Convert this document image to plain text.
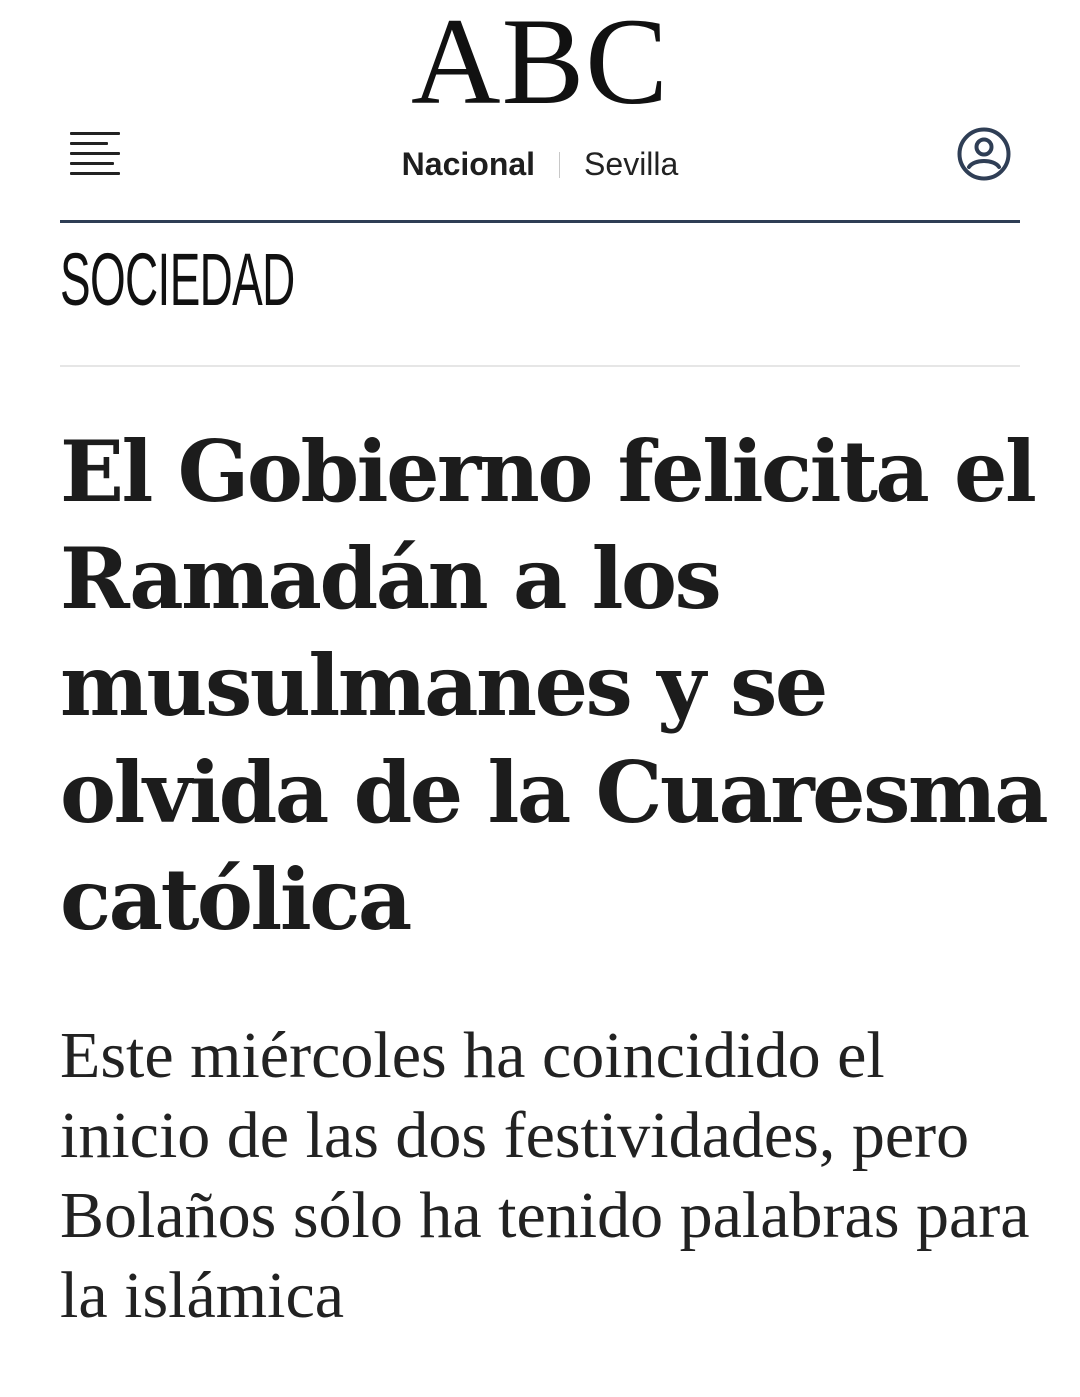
ABC
Nacional Sevilla
SOCIEDAD
El Gobierno felicita el Ramadán a los musulmanes y se olvida de la Cuaresma católica

Este miércoles ha coincidido el inicio de las dos festividades, pero Bolaños sólo ha tenido palabras para la islámica
